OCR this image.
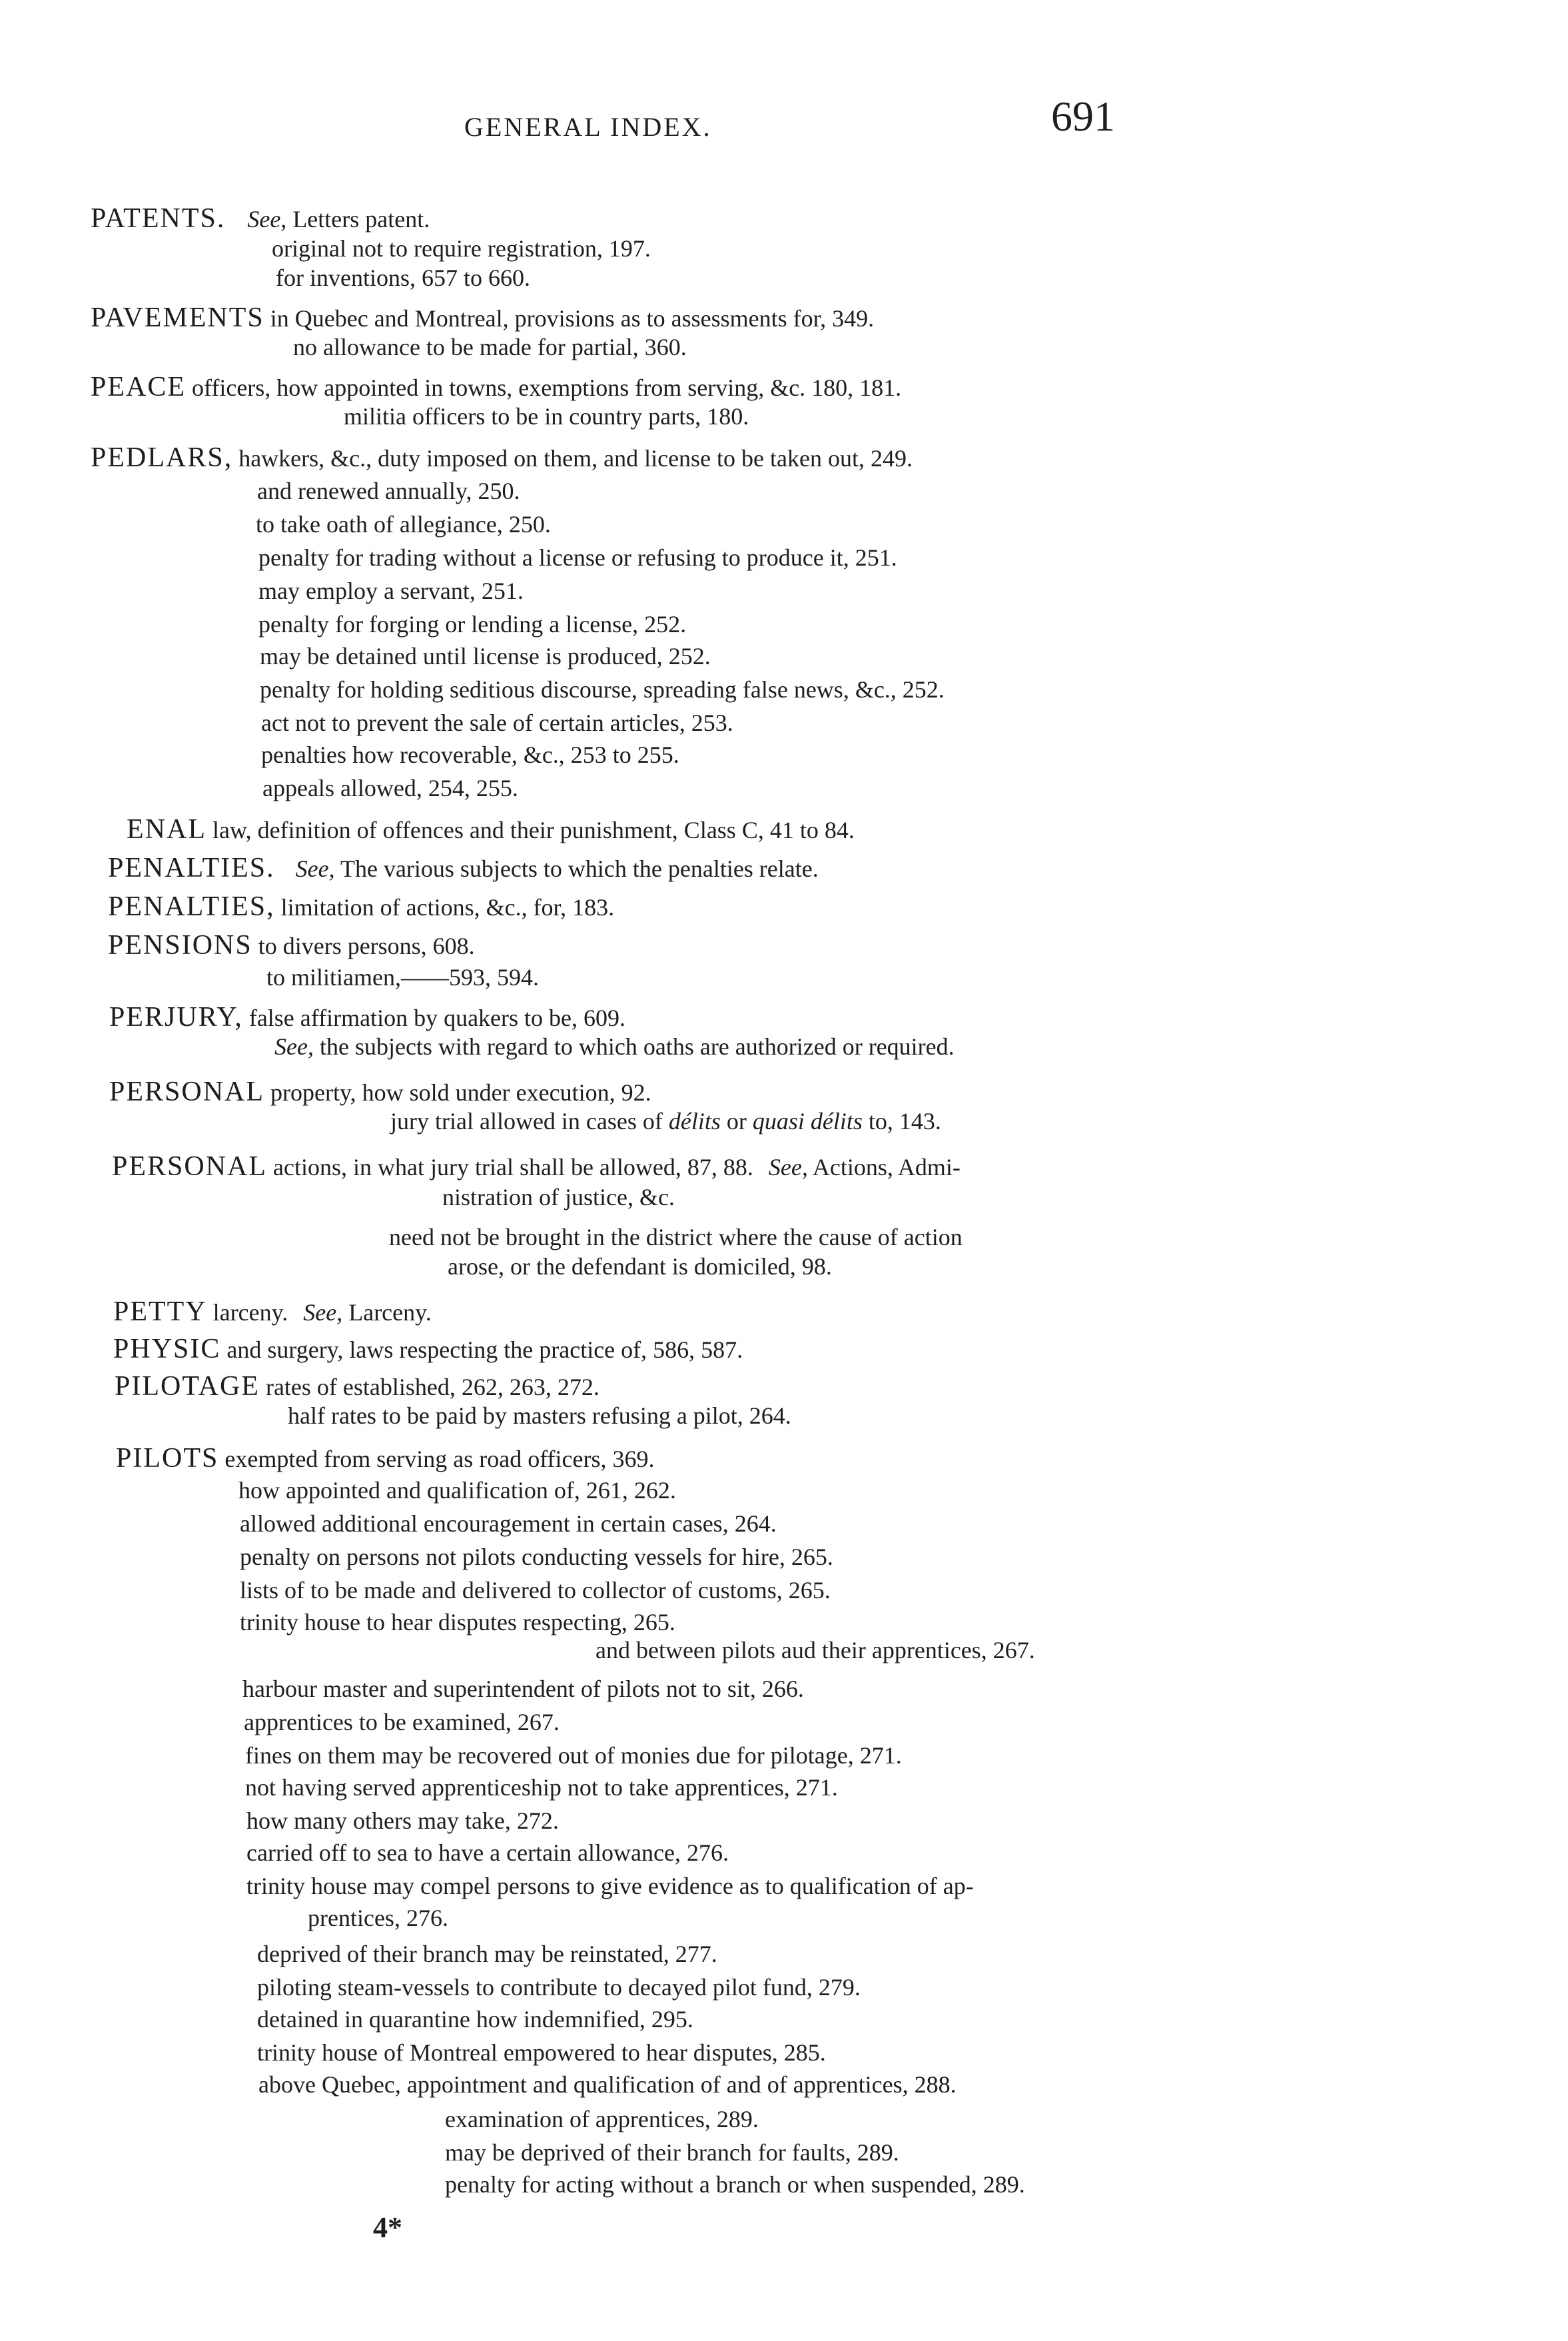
GENERAL INDEX.	691
PATENTS. See, Letters patent.
original not to require registration, 197.
for inventions, 657 to 660.
PAVEMENTS in Quebec and Montreal, provisions as to assessments for, 349.
no allowance to be made for partial, 360.
PEACE officers, how appointed in towns, exemptions from serving, &c. 180, 181.
militia officers to be in country parts, 180.
PEDLARS, hawkers, &c., duty imposed on them, and license to be taken out, 249.
and renewed annually, 250.
to take oath of allegiance, 250.
penalty for trading without a license or refusing to produce it, 251.
may employ a servant, 251.
penalty for forging or lending a license, 252.
may be detained until license is produced, 252.
penalty for holding seditious discourse, spreading false news, &c., 252.
act not to prevent the sale of certain articles, 253.
penalties how recoverable, &c., 253 to 255.
appeals allowed, 254, 255.
ENAL law, definition of offences and their punishment, Class C, 41 to 84.
PENALTIES. See, The various subjects to which the penalties relate.
PENALTIES, limitation of actions, &c., for, 183.
PENSIONS to divers persons, 608.
to militiamen,——593, 594.
PERJURY, false affirmation by quakers to be, 609.
See, the subjects with regard to which oaths are authorized or required.
PERSONAL property, how sold under execution, 92.
jury trial allowed in cases of délits or quasi délits to, 143.
PERSONAL actions, in what jury trial shall be allowed, 87, 88. See, Actions, Admi-
nistration of justice, &c.
need not be brought in the district where the cause of action
arose, or the defendant is domiciled, 98.
PETTY larceny. See, Larceny.
PHYSIC and surgery, laws respecting the practice of, 586, 587.
PILOTAGE rates of established, 262, 263, 272.
half rates to be paid by masters refusing a pilot, 264.
PILOTS exempted from serving as road officers, 369.
how appointed and qualification of, 261, 262.
allowed additional encouragement in certain cases, 264.
penalty on persons not pilots conducting vessels for hire, 265.
lists of to be made and delivered to collector of customs, 265.
trinity house to hear disputes respecting, 265.
and between pilots aud their apprentices, 267.
harbour master and superintendent of pilots not to sit, 266.
apprentices to be examined, 267.
fines on them may be recovered out of monies due for pilotage, 271.
not having served apprenticeship not to take apprentices, 271.
how many others may take, 272.
carried off to sea to have a certain allowance, 276.
trinity house may compel persons to give evidence as to qualification of ap-
prentices, 276.
deprived of their branch may be reinstated, 277.
piloting steam-vessels to contribute to decayed pilot fund, 279.
detained in quarantine how indemnified, 295.
trinity house of Montreal empowered to hear disputes, 285.
above Quebec, appointment and qualification of and of apprentices, 288.
examination of apprentices, 289.
may be deprived of their branch for faults, 289.
penalty for acting without a branch or when suspended, 289.
4*
